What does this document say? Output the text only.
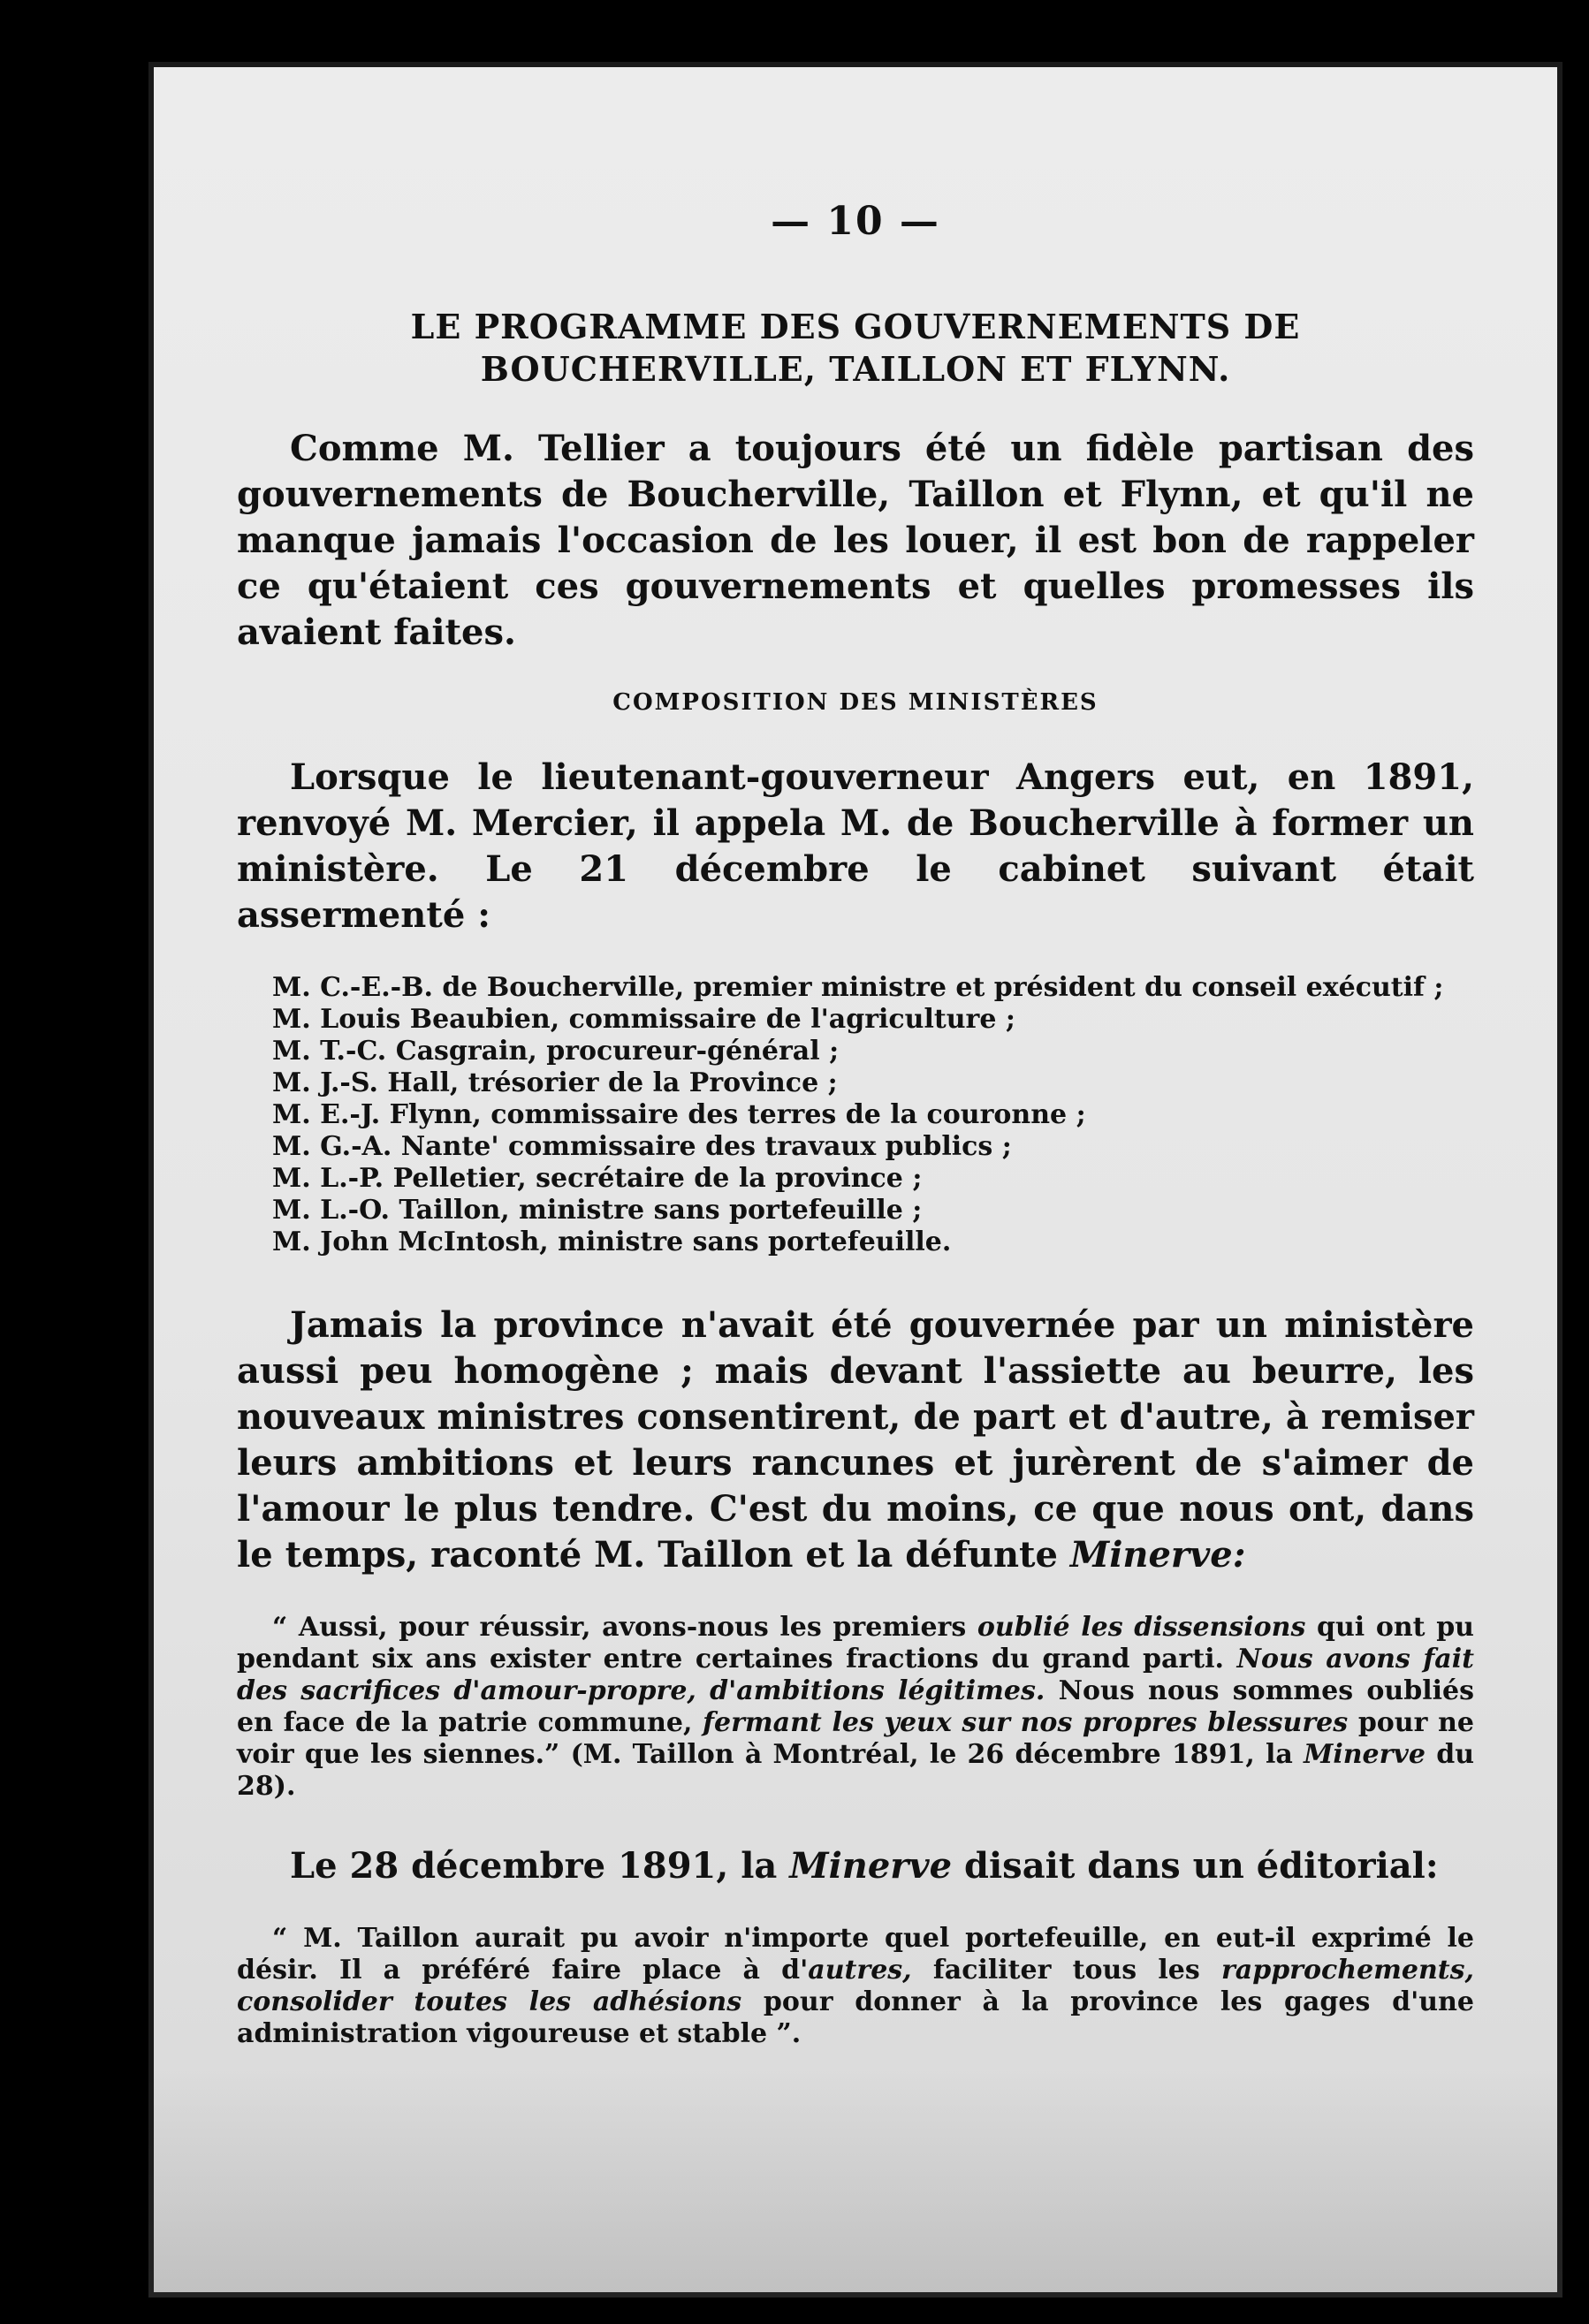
— 10 —
LE PROGRAMME DES GOUVERNEMENTS DE BOUCHERVILLE, TAILLON ET FLYNN.

Comme M. Tellier a toujours été un fidèle partisan des gouvernements de Boucherville, Taillon et Flynn, et qu'il ne manque jamais l'occasion de les louer, il est bon de rappeler ce qu'étaient ces gouvernements et quelles promesses ils avaient faites.

COMPOSITION DES MINISTÈRES

Lorsque le lieutenant-gouverneur Angers eut, en 1891, renvoyé M. Mercier, il appela M. de Boucherville à former un ministère. Le 21 décembre le cabinet suivant était assermenté :

M. C.-E.-B. de Boucherville, premier ministre et président du conseil exécutif ;
M. Louis Beaubien, commissaire de l'agriculture ;
M. T.-C. Casgrain, procureur-général ;
M. J.-S. Hall, trésorier de la Province ;
M. E.-J. Flynn, commissaire des terres de la couronne ;
M. G.-A. Nante' commissaire des travaux publics ;
M. L.-P. Pelletier, secrétaire de la province ;
M. L.-O. Taillon, ministre sans portefeuille ;
M. John McIntosh, ministre sans portefeuille.

Jamais la province n'avait été gouvernée par un ministère aussi peu homogène ; mais devant l'assiette au beurre, les nouveaux ministres consentirent, de part et d'autre, à remiser leurs ambitions et leurs rancunes et jurèrent de s'aimer de l'amour le plus tendre. C'est du moins, ce que nous ont, dans le temps, raconté M. Taillon et la défunte Minerve:

“ Aussi, pour réussir, avons-nous les premiers oublié les dissensions qui ont pu pendant six ans exister entre certaines fractions du grand parti. Nous avons fait des sacrifices d'amour-propre, d'ambitions légitimes. Nous nous sommes oubliés en face de la patrie commune, fermant les yeux sur nos propres blessures pour ne voir que les siennes.” (M. Taillon à Montréal, le 26 décembre 1891, la Minerve du 28).

Le 28 décembre 1891, la Minerve disait dans un éditorial:

“ M. Taillon aurait pu avoir n'importe quel portefeuille, en eut-il exprimé le désir. Il a préféré faire place à d'autres, faciliter tous les rapprochements, consolider toutes les adhésions pour donner à la province les gages d'une administration vigoureuse et stable ”.
